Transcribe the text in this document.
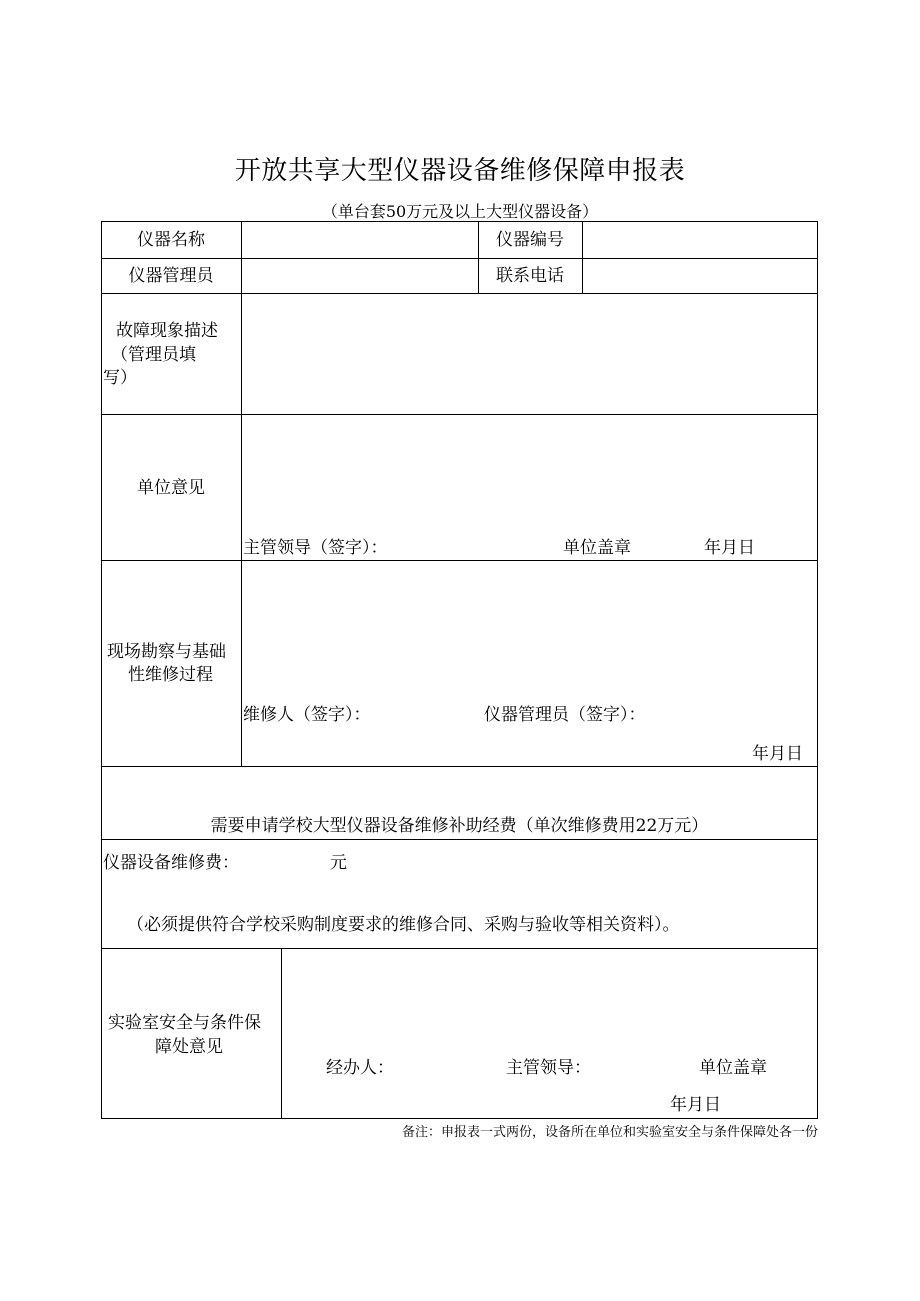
开放共享大型仪器设备维修保障申报表
（单台套50万元及以上大型仪器设备）
仪器名称	仪器编号
仪器管理员	联系电话
故障现象描述
（管理员填
写）
单位意见
主管领导（签字）：	单位盖章	年月日
现场勘察与基础
性维修过程
维修人（签字）：	仪器管理员（签字）：
年月日
需要申请学校大型仪器设备维修补助经费（单次维修费用22万元）
仪器设备维修费：	元
（必须提供符合学校采购制度要求的维修合同、采购与验收等相关资料）。
实验室安全与条件保
障处意见
经办人：	主管领导：	单位盖章
年月日
备注：申报表一式两份，设备所在单位和实验室安全与条件保障处各一份
